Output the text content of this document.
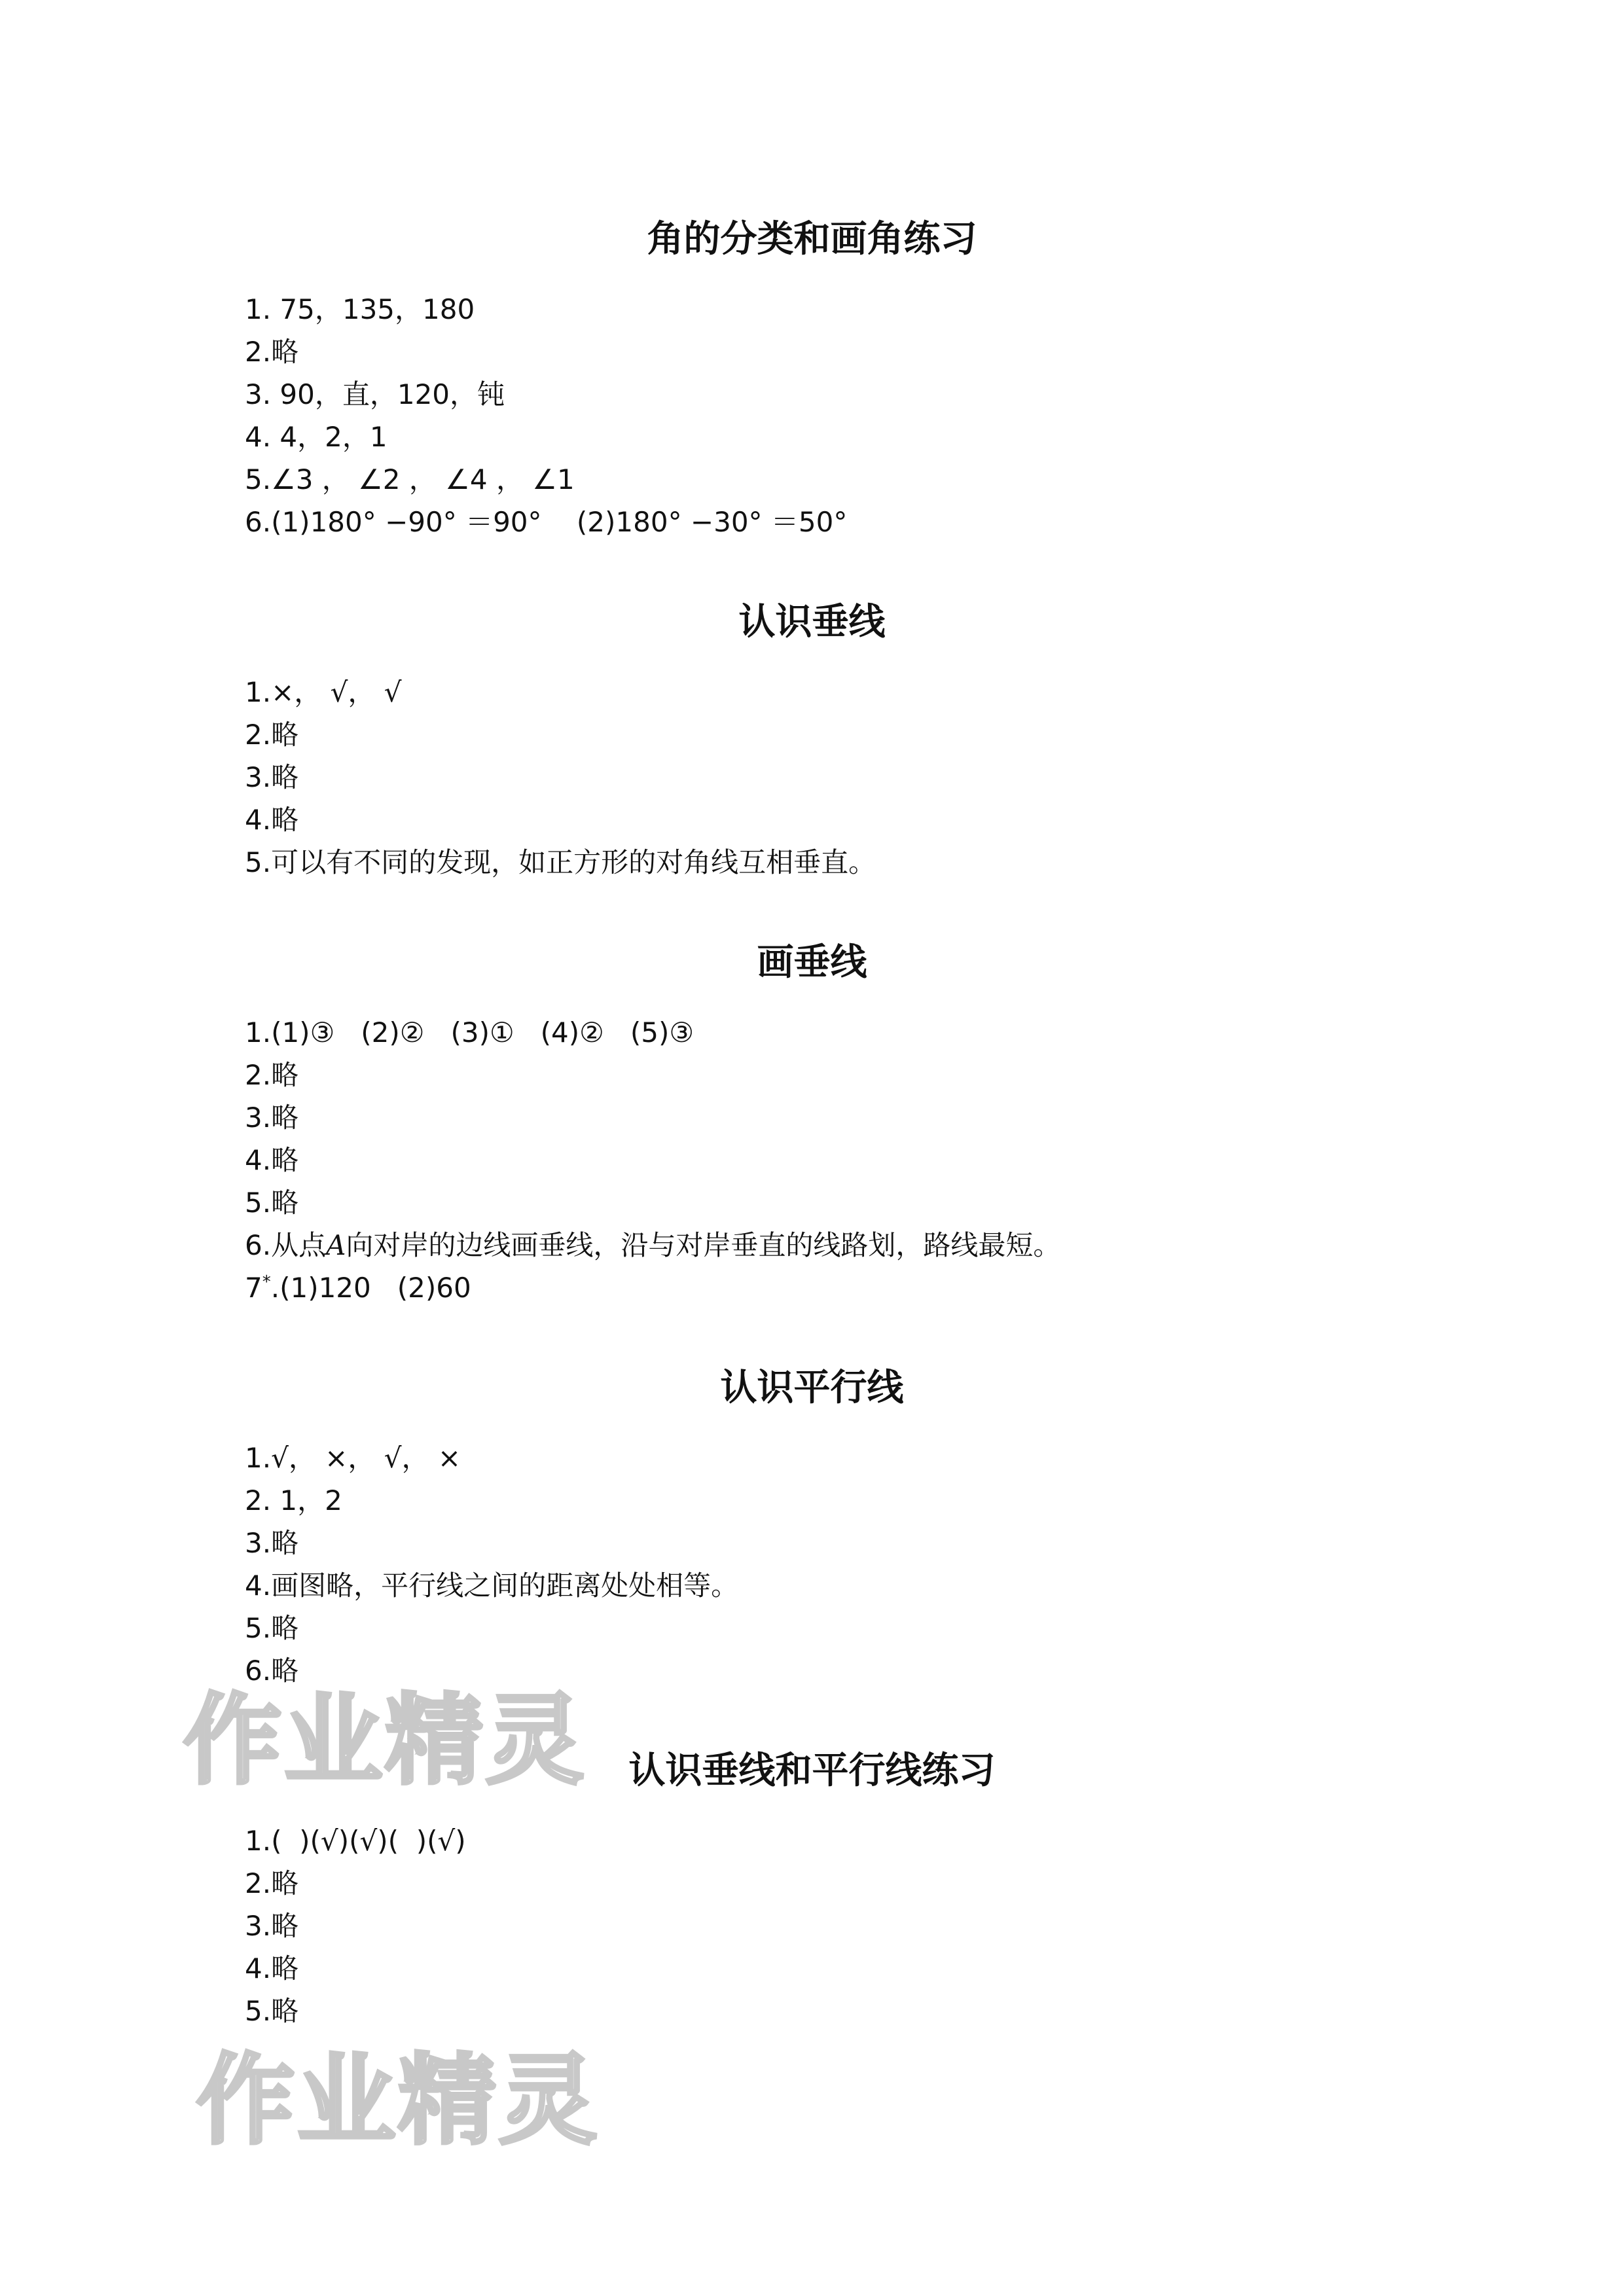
角的分类和画角练习
1. 75，135，180
2.略
3. 90，直，120，钝
4. 4，2，1
5.∠3 ， ∠2 ， ∠4 ， ∠1
6.(1)180° −90° ＝90°    (2)180° −30° ＝50°
认识垂线
1.×， √， √
2.略
3.略
4.略
5.可以有不同的发现，如正方形的对角线互相垂直。
画垂线
1.(1)③   (2)②   (3)①   (4)②   (5)③
2.略
3.略
4.略
5.略
6.从点A向对岸的边线画垂线，沿与对岸垂直的线路划，路线最短。
7*.(1)120   (2)60
认识平行线
1.√， ×， √， ×
2. 1，2
3.略
4.画图略，平行线之间的距离处处相等。
5.略
6.略
认识垂线和平行线练习
1.(  )(√)(√)(  )(√)
2.略
3.略
4.略
5.略
作业精灵
作业精灵
